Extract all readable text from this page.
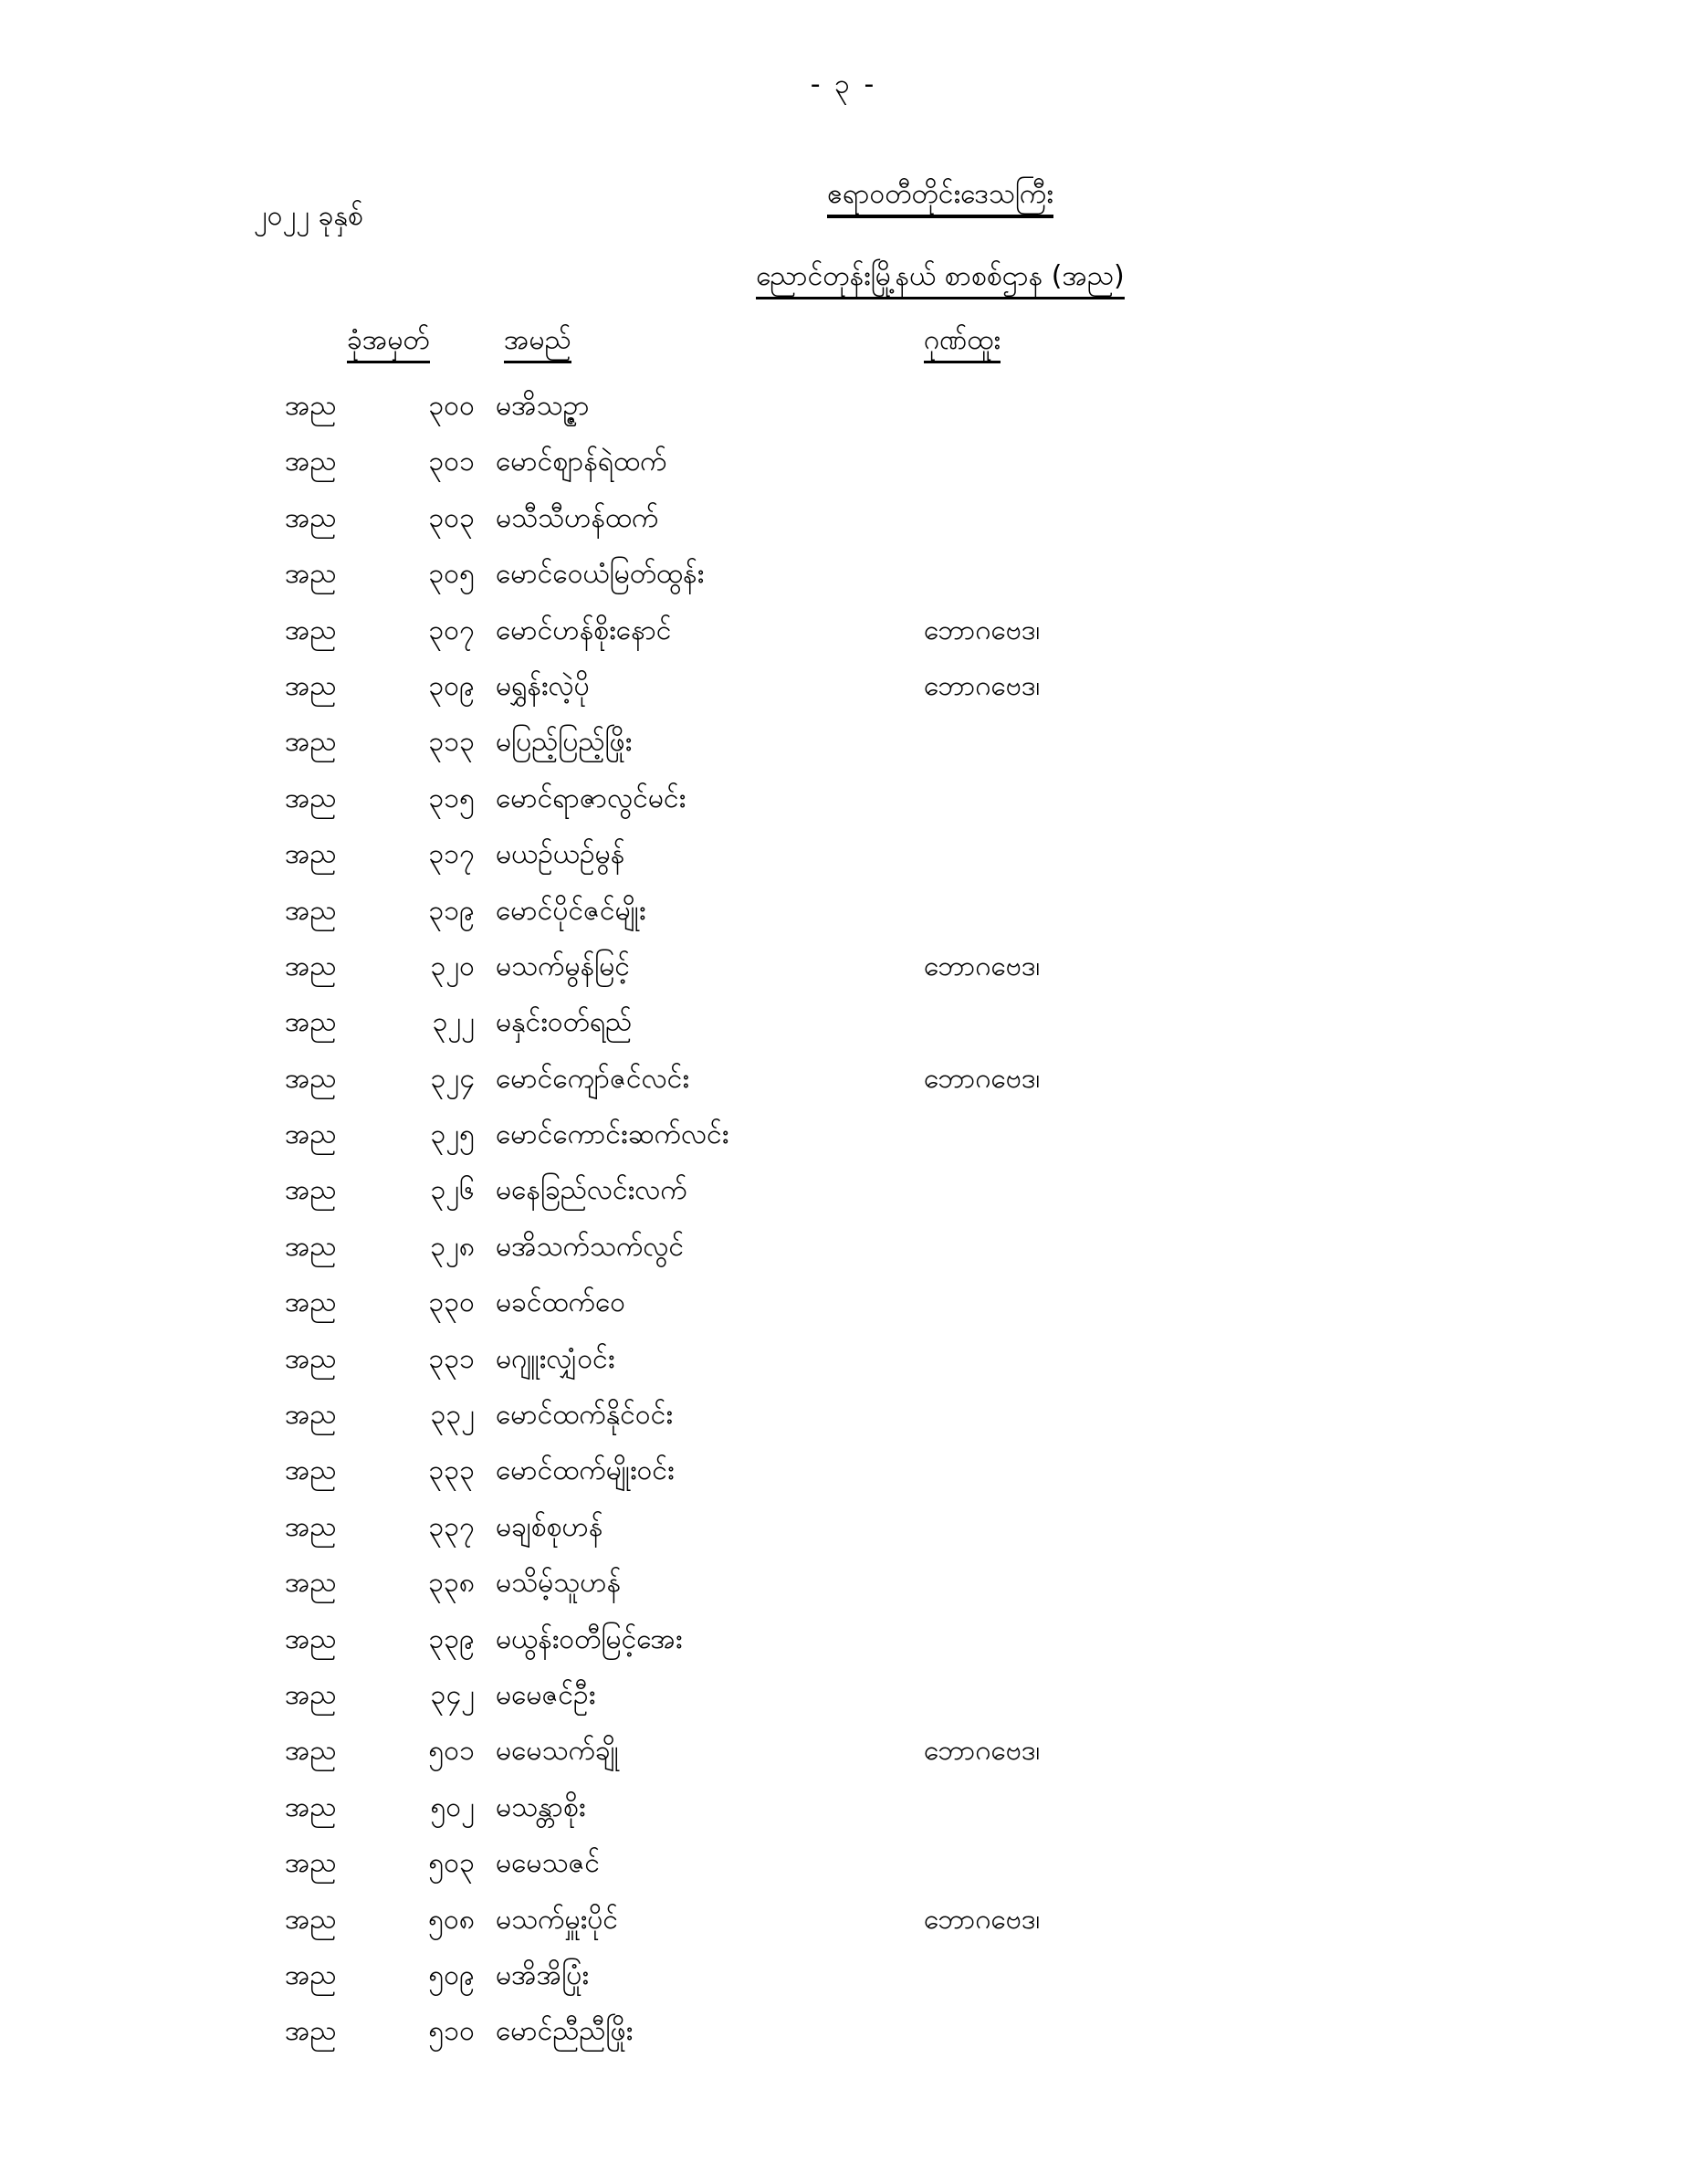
- ၃ -
၂၀၂၂ ခုနှစ်
ဧရာဝတီတိုင်းဒေသကြီး
ညောင်တုန်းမြို့နယ် စာစစ်ဌာန (အည)
ခုံအမှတ်	အမည်	ဂုဏ်ထူး
အည	၃၀၀ မအိသဉ္ဇာ
အည	၃၀၁ မောင်စျာန်ရဲထက်
အည	၃၀၃ မသီသီဟန်ထက်
အည	၃၀၅ မောင်ဝေယံမြတ်ထွန်း
အည	၃၀၇ မောင်ဟန်စိုးနောင်	ဘောဂဗေဒ၊
အည	၃၀၉ မရွှန်းလဲ့ပို	ဘောဂဗေဒ၊
အည	၃၁၃ မပြည့်ပြည့်ဖြိုး
အည	၃၁၅ မောင်ရာဇာလွင်မင်း
အည	၃၁၇ မယဉ်ယဉ်မွန်
အည	၃၁၉ မောင်ပိုင်ဇင်မျိုး
အည	၃၂၀ မသက်မွန်မြင့်	ဘောဂဗေဒ၊
အည	၃၂၂ မနှင်းဝတ်ရည်
အည	၃၂၄ မောင်ကျော်ဇင်လင်း	ဘောဂဗေဒ၊
အည	၃၂၅ မောင်ကောင်းဆက်လင်း
အည	၃၂၆ မနေခြည်လင်းလက်
အည	၃၂၈ မအိသက်သက်လွင်
အည	၃၃၀ မခင်ထက်ဝေ
အည	၃၃၁ မဂျူးလျှံဝင်း
အည	၃၃၂ မောင်ထက်နိုင်ဝင်း
အည	၃၃၃ မောင်ထက်မျိုးဝင်း
အည	၃၃၇ မချစ်စုဟန်
အည	၃၃၈ မသိမ့်သူဟန်
အည	၃၃၉ မယွန်းဝတီမြင့်အေး
အည	၃၄၂ မမေဇင်ဦး
အည	၅၀၁ မမေသက်ချို	ဘောဂဗေဒ၊
အည	၅၀၂ မသန္တာစိုး
အည	၅၀၃ မမေသဇင်
အည	၅၀၈ မသက်မှူးပိုင်	ဘောဂဗေဒ၊
အည	၅၀၉ မအိအိပြုံး
အည	၅၁၀ မောင်ညီညီဖြိုး
